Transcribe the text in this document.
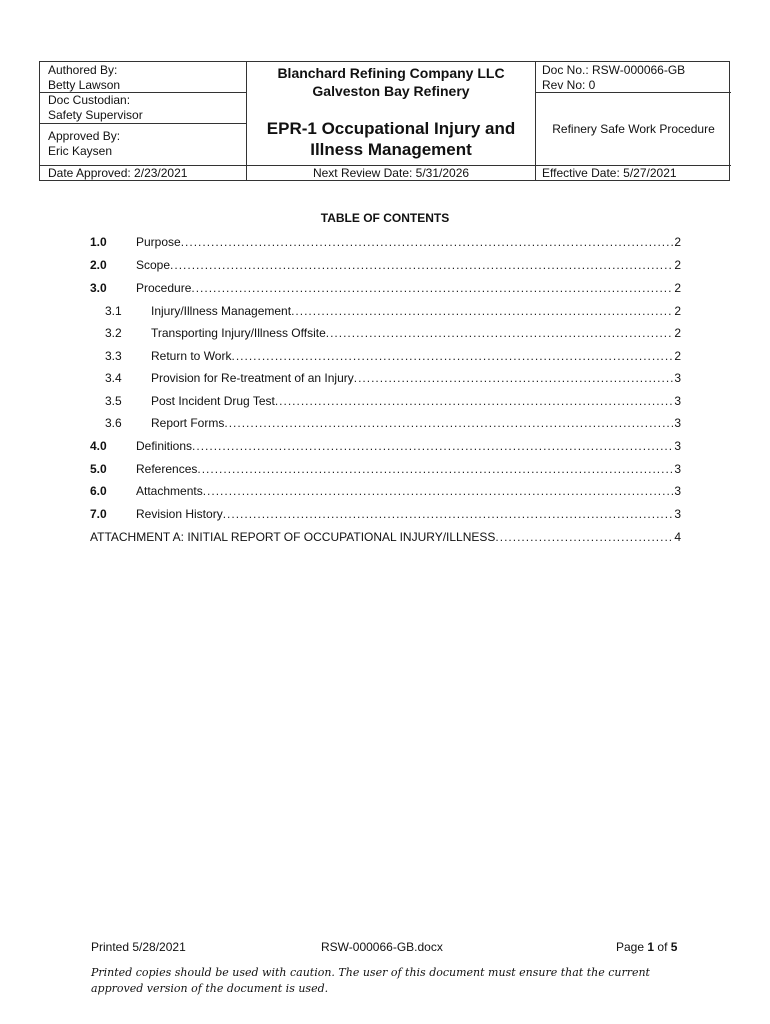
Authored By:
Betty Lawson
Doc Custodian:
Safety Supervisor
Approved By:
Eric Kaysen
Blanchard Refining Company LLC
Galveston Bay Refinery
EPR-1 Occupational Injury and
Illness Management
Doc No.: RSW-000066-GB
Rev No: 0
Refinery Safe Work Procedure
Date Approved: 2/23/2021	Next Review Date: 5/31/2026	Effective Date: 5/27/2021
TABLE OF CONTENTS
1.0	Purpose .....	2
2.0	Scope .....	2
3.0	Procedure .....	2
3.1	Injury/Illness Management .....	2
3.2	Transporting Injury/Illness Offsite .....	2
3.3	Return to Work .....	2
3.4	Provision for Re-treatment of an Injury .....	3
3.5	Post Incident Drug Test .....	3
3.6	Report Forms .....	3
4.0	Definitions .....	3
5.0	References .....	3
6.0	Attachments .....	3
7.0	Revision History .....	3
ATTACHMENT A: INITIAL REPORT OF OCCUPATIONAL INJURY/ILLNESS .....	4
Printed 5/28/2021	RSW-000066-GB.docx	Page 1 of 5
Printed copies should be used with caution. The user of this document must ensure that the current approved version of the document is used.
